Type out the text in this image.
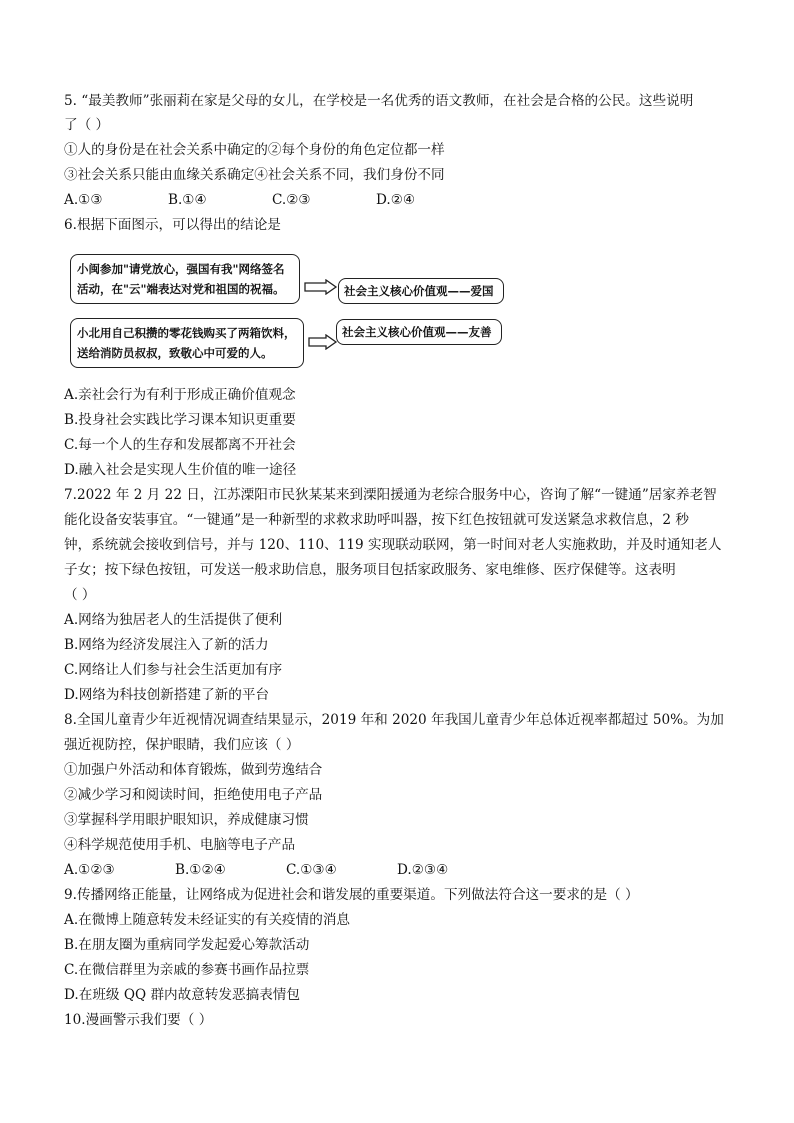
5. “最美教师”张丽莉在家是父母的女儿，在学校是一名优秀的语文教师，在社会是合格的公民。这些说明
了（ ）
①人的身份是在社会关系中确定的②每个身份的角色定位都一样
③社会关系只能由血缘关系确定④社会关系不同，我们身份不同
A.①③	B.①④	C.②③	D.②④
6.根据下面图示，可以得出的结论是
小闽参加"请党放心，强国有我"网络签名
活动，在"云"端表达对党和祖国的祝福。	社会主义核心价值观——爱国
小北用自己积攒的零花钱购买了两箱饮料，
送给消防员叔叔，致敬心中可爱的人。
社会主义核心价值观——友善
A.亲社会行为有利于形成正确价值观念
B.投身社会实践比学习课本知识更重要
C.每一个人的生存和发展都离不开社会
D.融入社会是实现人生价值的唯一途径
7.2022 年 2 月 22 日，江苏溧阳市民狄某某来到溧阳援通为老综合服务中心，咨询了解“一键通”居家养老智
能化设备安装事宜。“一键通”是一种新型的求救求助呼叫器，按下红色按钮就可发送紧急求救信息，2 秒
钟，系统就会接收到信号，并与 120、110、119 实现联动联网，第一时间对老人实施救助，并及时通知老人
子女；按下绿色按钮，可发送一般求助信息，服务项目包括家政服务、家电维修、医疗保健等。这表明
（ ）
A.网络为独居老人的生活提供了便利
B.网络为经济发展注入了新的活力
C.网络让人们参与社会生活更加有序
D.网络为科技创新搭建了新的平台
8.全国儿童青少年近视情况调查结果显示，2019 年和 2020 年我国儿童青少年总体近视率都超过 50%。为加
强近视防控，保护眼睛，我们应该（ ）
①加强户外活动和体育锻炼，做到劳逸结合
②减少学习和阅读时间，拒绝使用电子产品
③掌握科学用眼护眼知识，养成健康习惯
④科学规范使用手机、电脑等电子产品
A.①②③	B.①②④	C.①③④	D.②③④
9.传播网络正能量，让网络成为促进社会和谐发展的重要渠道。下列做法符合这一要求的是（ ）
A.在微博上随意转发未经证实的有关疫情的消息
B.在朋友圈为重病同学发起爱心筹款活动
C.在微信群里为亲戚的参赛书画作品拉票
D.在班级 QQ 群内故意转发恶搞表情包
10.漫画警示我们要（ ）
